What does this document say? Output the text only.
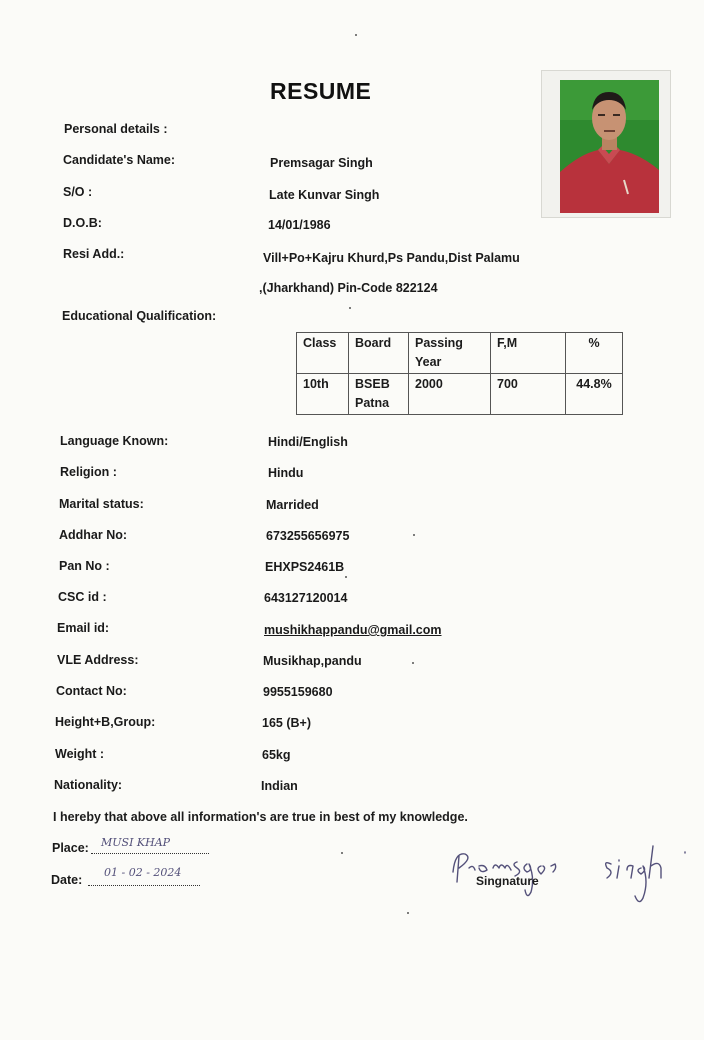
RESUME
Personal details :
Candidate's Name:	Premsagar Singh
S/O :	Late Kunvar Singh
D.O.B:	14/01/1986
Resi Add.:	Vill+Po+Kajru Khurd,Ps Pandu,Dist Palamu
,(Jharkhand) Pin-Code 822124
Educational Qualification:
Class	Board	Passing Year	F,M	%
10th	BSEB Patna	2000	700	44.8%
Language Known:	Hindi/English
Religion :	Hindu
Marital status:	Marrided
Addhar No:	673255656975
Pan No :	EHXPS2461B
CSC id :	643127120014
Email id:	mushikhappandu@gmail.com
VLE Address:	Musikhap,pandu
Contact No:	9955159680
Height+B,Group:	165 (B+)
Weight :	65kg
Nationality:	Indian
I hereby that above all information's are true in best of my knowledge.
Place: MUSI KHAP
Date:
01 - 02 - 2024
Singnature
